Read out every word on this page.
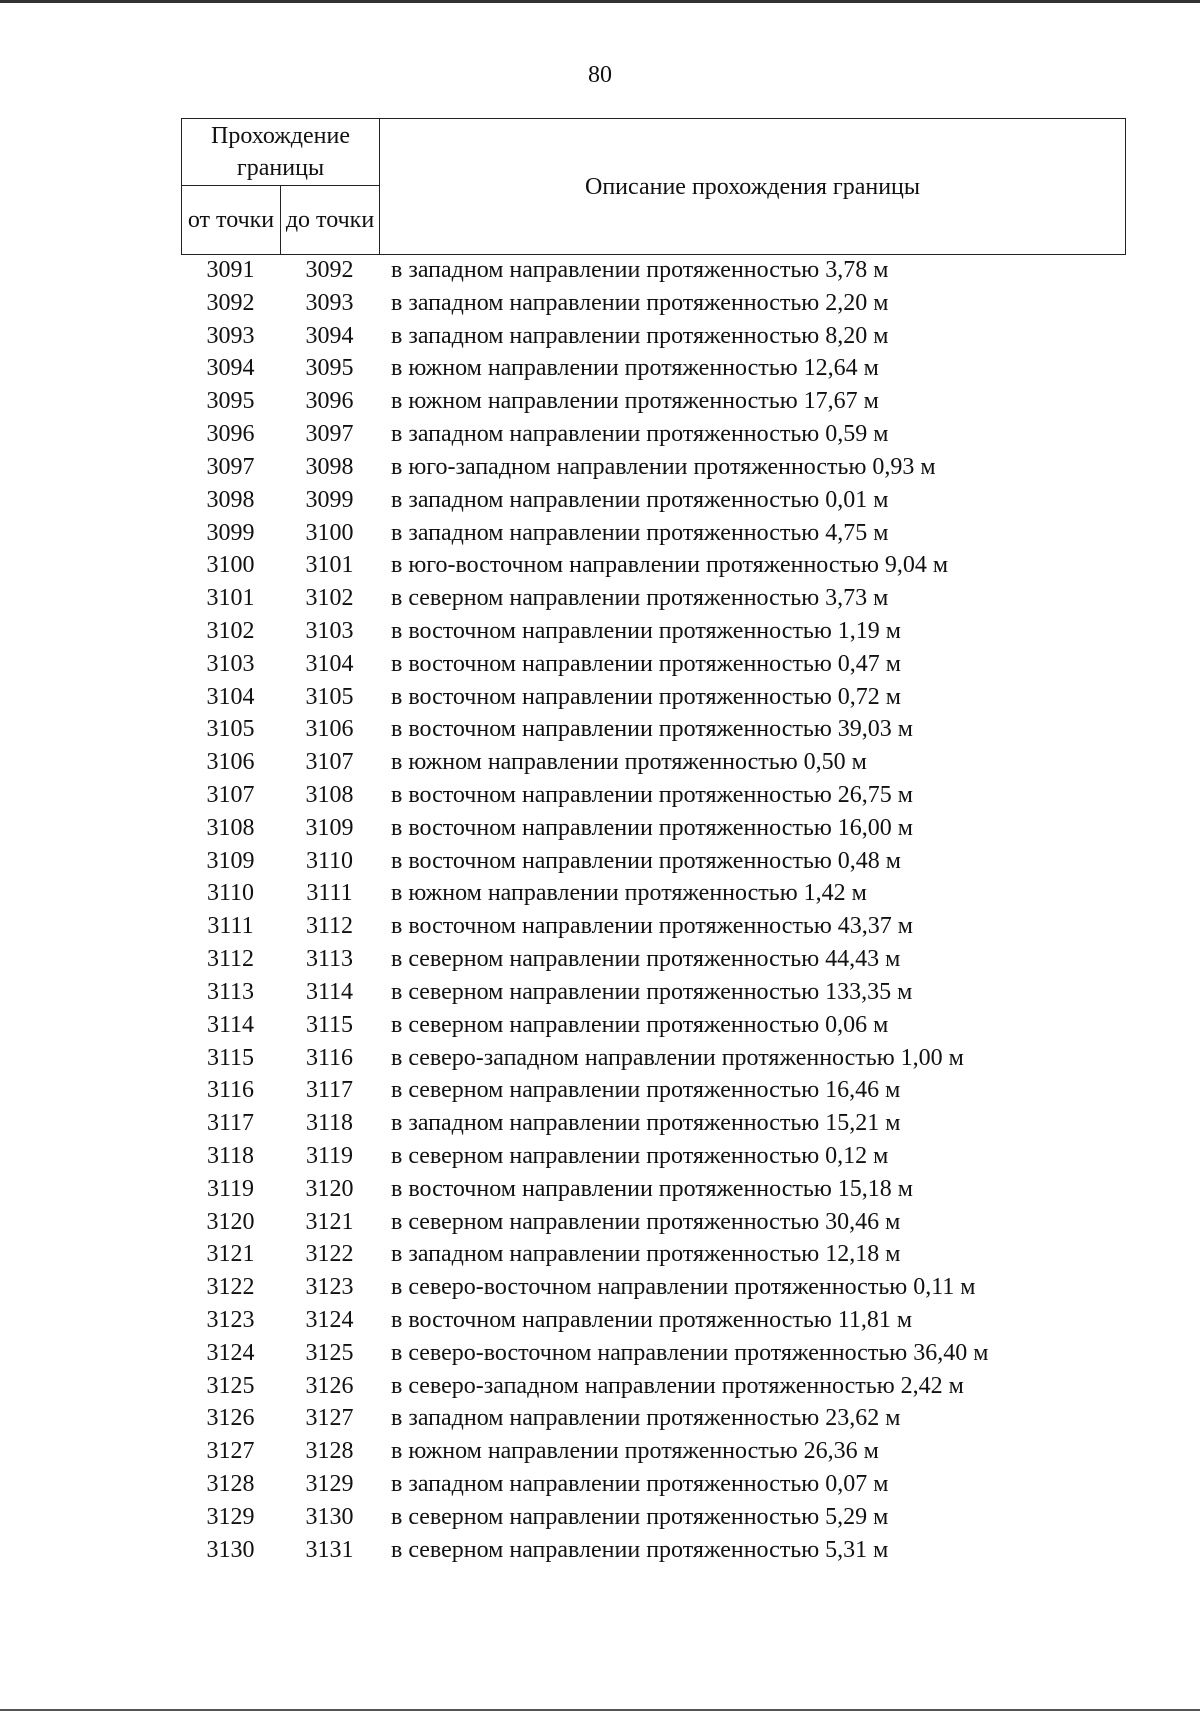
80
Прохождение границы		Описание прохождения границы
от точки	до точки	
3091	3092	в западном направлении протяженностью 3,78 м
3092	3093	в западном направлении протяженностью 2,20 м
3093	3094	в западном направлении протяженностью 8,20 м
3094	3095	в южном направлении протяженностью 12,64 м
3095	3096	в южном направлении протяженностью 17,67 м
3096	3097	в западном направлении протяженностью 0,59 м
3097	3098	в юго-западном направлении протяженностью 0,93 м
3098	3099	в западном направлении протяженностью 0,01 м
3099	3100	в западном направлении протяженностью 4,75 м
3100	3101	в юго-восточном направлении протяженностью 9,04 м
3101	3102	в северном направлении протяженностью 3,73 м
3102	3103	в восточном направлении протяженностью 1,19 м
3103	3104	в восточном направлении протяженностью 0,47 м
3104	3105	в восточном направлении протяженностью 0,72 м
3105	3106	в восточном направлении протяженностью 39,03 м
3106	3107	в южном направлении протяженностью 0,50 м
3107	3108	в восточном направлении протяженностью 26,75 м
3108	3109	в восточном направлении протяженностью 16,00 м
3109	3110	в восточном направлении протяженностью 0,48 м
3110	3111	в южном направлении протяженностью 1,42 м
3111	3112	в восточном направлении протяженностью 43,37 м
3112	3113	в северном направлении протяженностью 44,43 м
3113	3114	в северном направлении протяженностью 133,35 м
3114	3115	в северном направлении протяженностью 0,06 м
3115	3116	в северо-западном направлении протяженностью 1,00 м
3116	3117	в северном направлении протяженностью 16,46 м
3117	3118	в западном направлении протяженностью 15,21 м
3118	3119	в северном направлении протяженностью 0,12 м
3119	3120	в восточном направлении протяженностью 15,18 м
3120	3121	в северном направлении протяженностью 30,46 м
3121	3122	в западном направлении протяженностью 12,18 м
3122	3123	в северо-восточном направлении протяженностью 0,11 м
3123	3124	в восточном направлении протяженностью 11,81 м
3124	3125	в северо-восточном направлении протяженностью 36,40 м
3125	3126	в северо-западном направлении протяженностью 2,42 м
3126	3127	в западном направлении протяженностью 23,62 м
3127	3128	в южном направлении протяженностью 26,36 м
3128	3129	в западном направлении протяженностью 0,07 м
3129	3130	в северном направлении протяженностью 5,29 м
3130	3131	в северном направлении протяженностью 5,31 м
